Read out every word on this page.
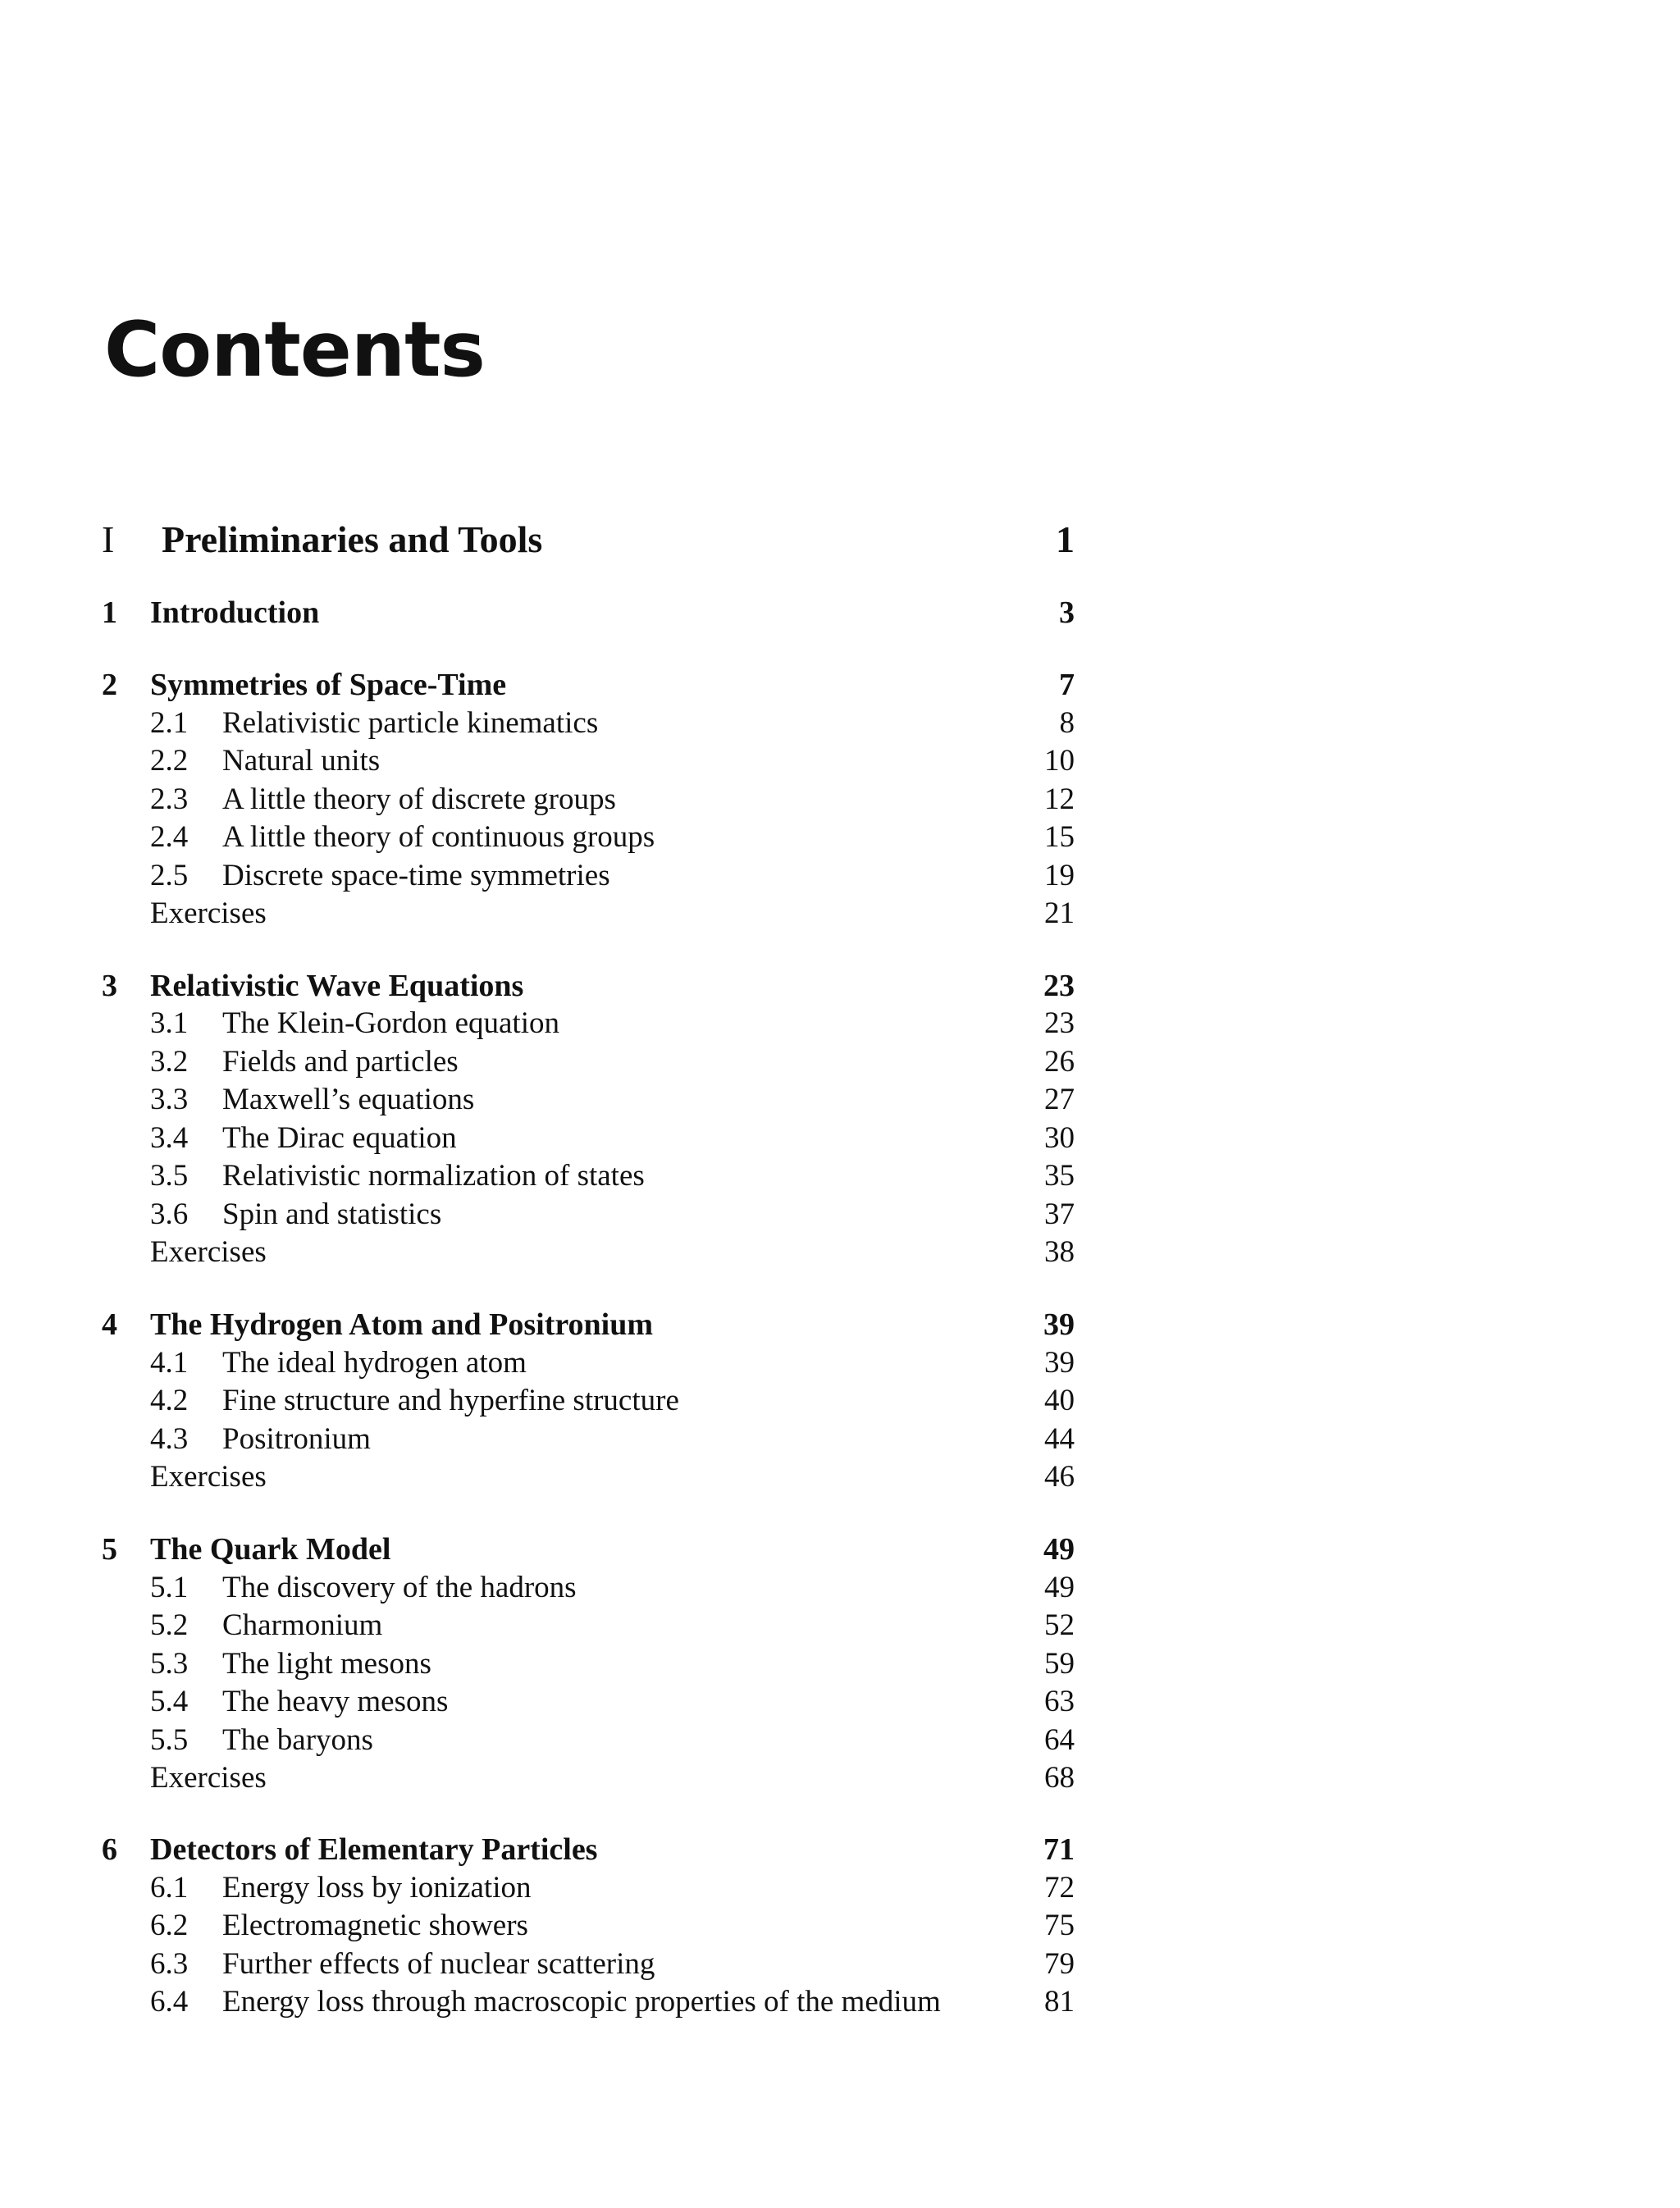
Contents
I Preliminaries and Tools	1
1 Introduction	3
2 Symmetries of Space-Time	7
2.1 Relativistic particle kinematics	8
2.2 Natural units	10
2.3 A little theory of discrete groups	12
2.4 A little theory of continuous groups	15
2.5 Discrete space-time symmetries	19
Exercises	21
3 Relativistic Wave Equations	23
3.1 The Klein-Gordon equation	23
3.2 Fields and particles	26
3.3 Maxwell’s equations	27
3.4 The Dirac equation	30
3.5 Relativistic normalization of states	35
3.6 Spin and statistics	37
Exercises	38
4 The Hydrogen Atom and Positronium	39
4.1 The ideal hydrogen atom	39
4.2 Fine structure and hyperfine structure	40
4.3 Positronium	44
Exercises	46
5 The Quark Model	49
5.1 The discovery of the hadrons	49
5.2 Charmonium	52
5.3 The light mesons	59
5.4 The heavy mesons	63
5.5 The baryons	64
Exercises	68
6 Detectors of Elementary Particles	71
6.1 Energy loss by ionization	72
6.2 Electromagnetic showers	75
6.3 Further effects of nuclear scattering	79
6.4 Energy loss through macroscopic properties of the medium	81
